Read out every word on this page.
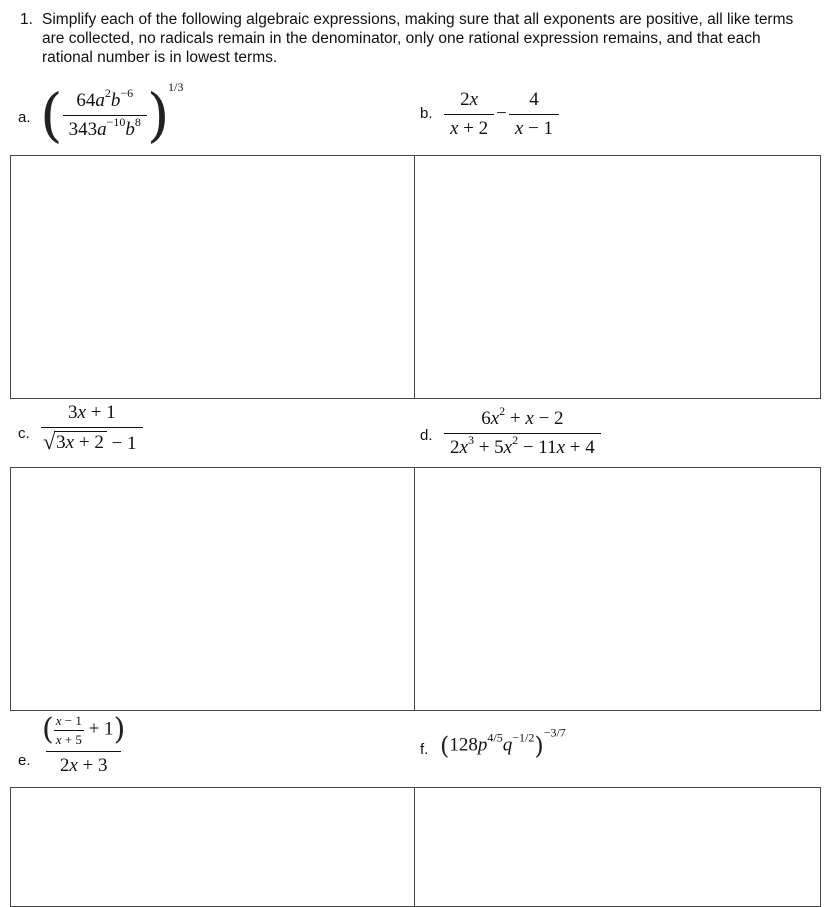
1. Simplify each of the following algebraic expressions, making sure that all exponents are positive, all like terms are collected, no radicals remain in the denominator, only one rational expression remains, and that each rational number is in lowest terms.
a. ( $\frac{64a^2b^{-6}}{343a^{-10}b^8}$ )
1/3
b. $\frac{2x}{x + 2} - \frac{4}{x - 1}$
c. $\frac{3x + 1}{√ 3x + 2 - 1}$	d. $\frac{6x^2 + x - 2}{2x^3 + 5x^2 - 11x + 4}$
e. $\frac{( \frac{x - 1}{x + 5} + 1)}{2x + 3}$	f. $(128p^{4/5}q^{-1/2})^{-3/7}$
